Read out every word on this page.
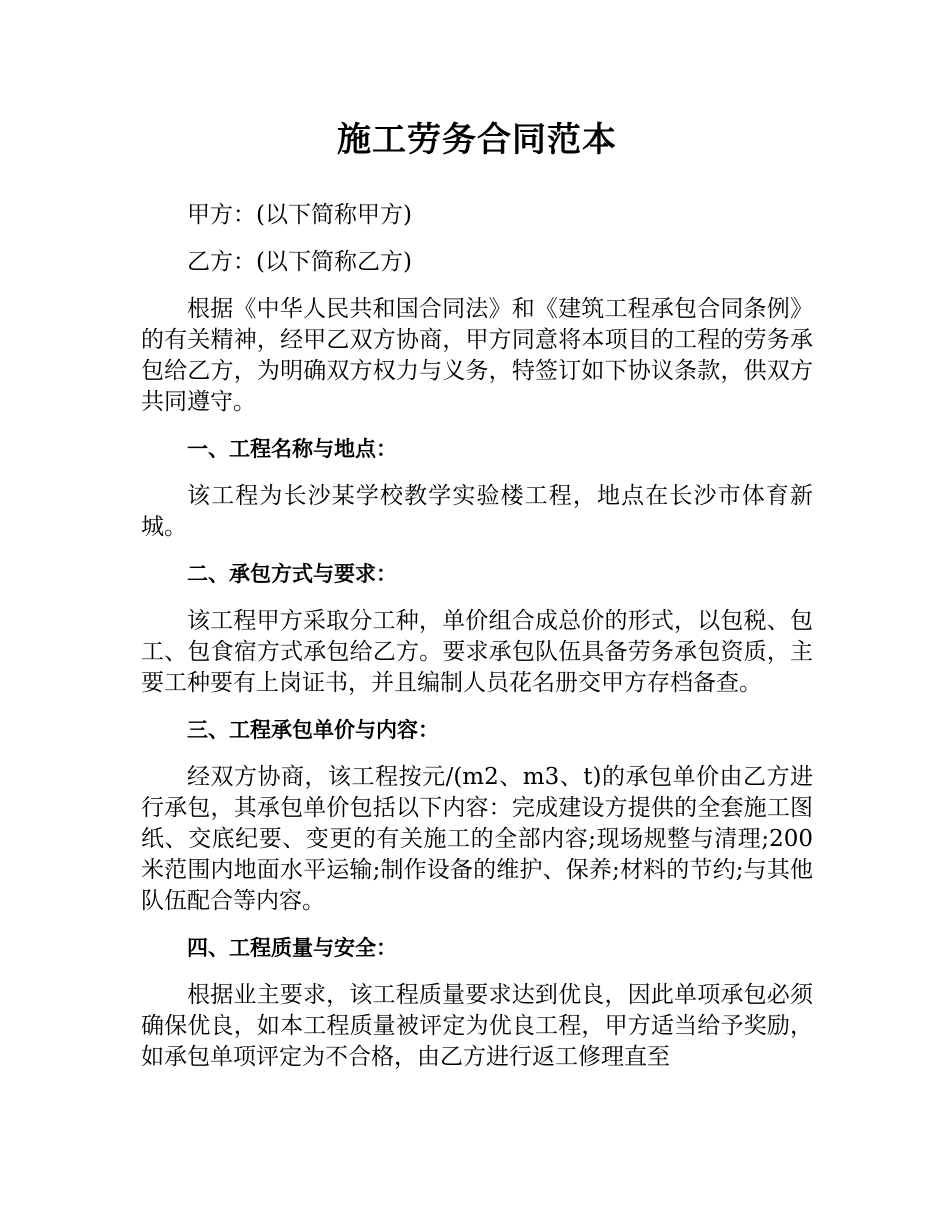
施工劳务合同范本

甲方：(以下简称甲方)

乙方：(以下简称乙方)

根据《中华人民共和国合同法》和《建筑工程承包合同条例》的有关精神，经甲乙双方协商，甲方同意将本项目的工程的劳务承包给乙方，为明确双方权力与义务，特签订如下协议条款，供双方共同遵守。

一、工程名称与地点：

该工程为长沙某学校教学实验楼工程，地点在长沙市体育新城。

二、承包方式与要求：

该工程甲方采取分工种，单价组合成总价的形式，以包税、包工、包食宿方式承包给乙方。要求承包队伍具备劳务承包资质，主要工种要有上岗证书，并且编制人员花名册交甲方存档备查。

三、工程承包单价与内容：

经双方协商，该工程按元/(m2、m3、t)的承包单价由乙方进行承包，其承包单价包括以下内容：完成建设方提供的全套施工图纸、交底纪要、变更的有关施工的全部内容;现场规整与清理;200米范围内地面水平运输;制作设备的维护、保养;材料的节约;与其他队伍配合等内容。

四、工程质量与安全：

根据业主要求，该工程质量要求达到优良，因此单项承包必须确保优良，如本工程质量被评定为优良工程，甲方适当给予奖励，如承包单项评定为不合格，由乙方进行返工修理直至
